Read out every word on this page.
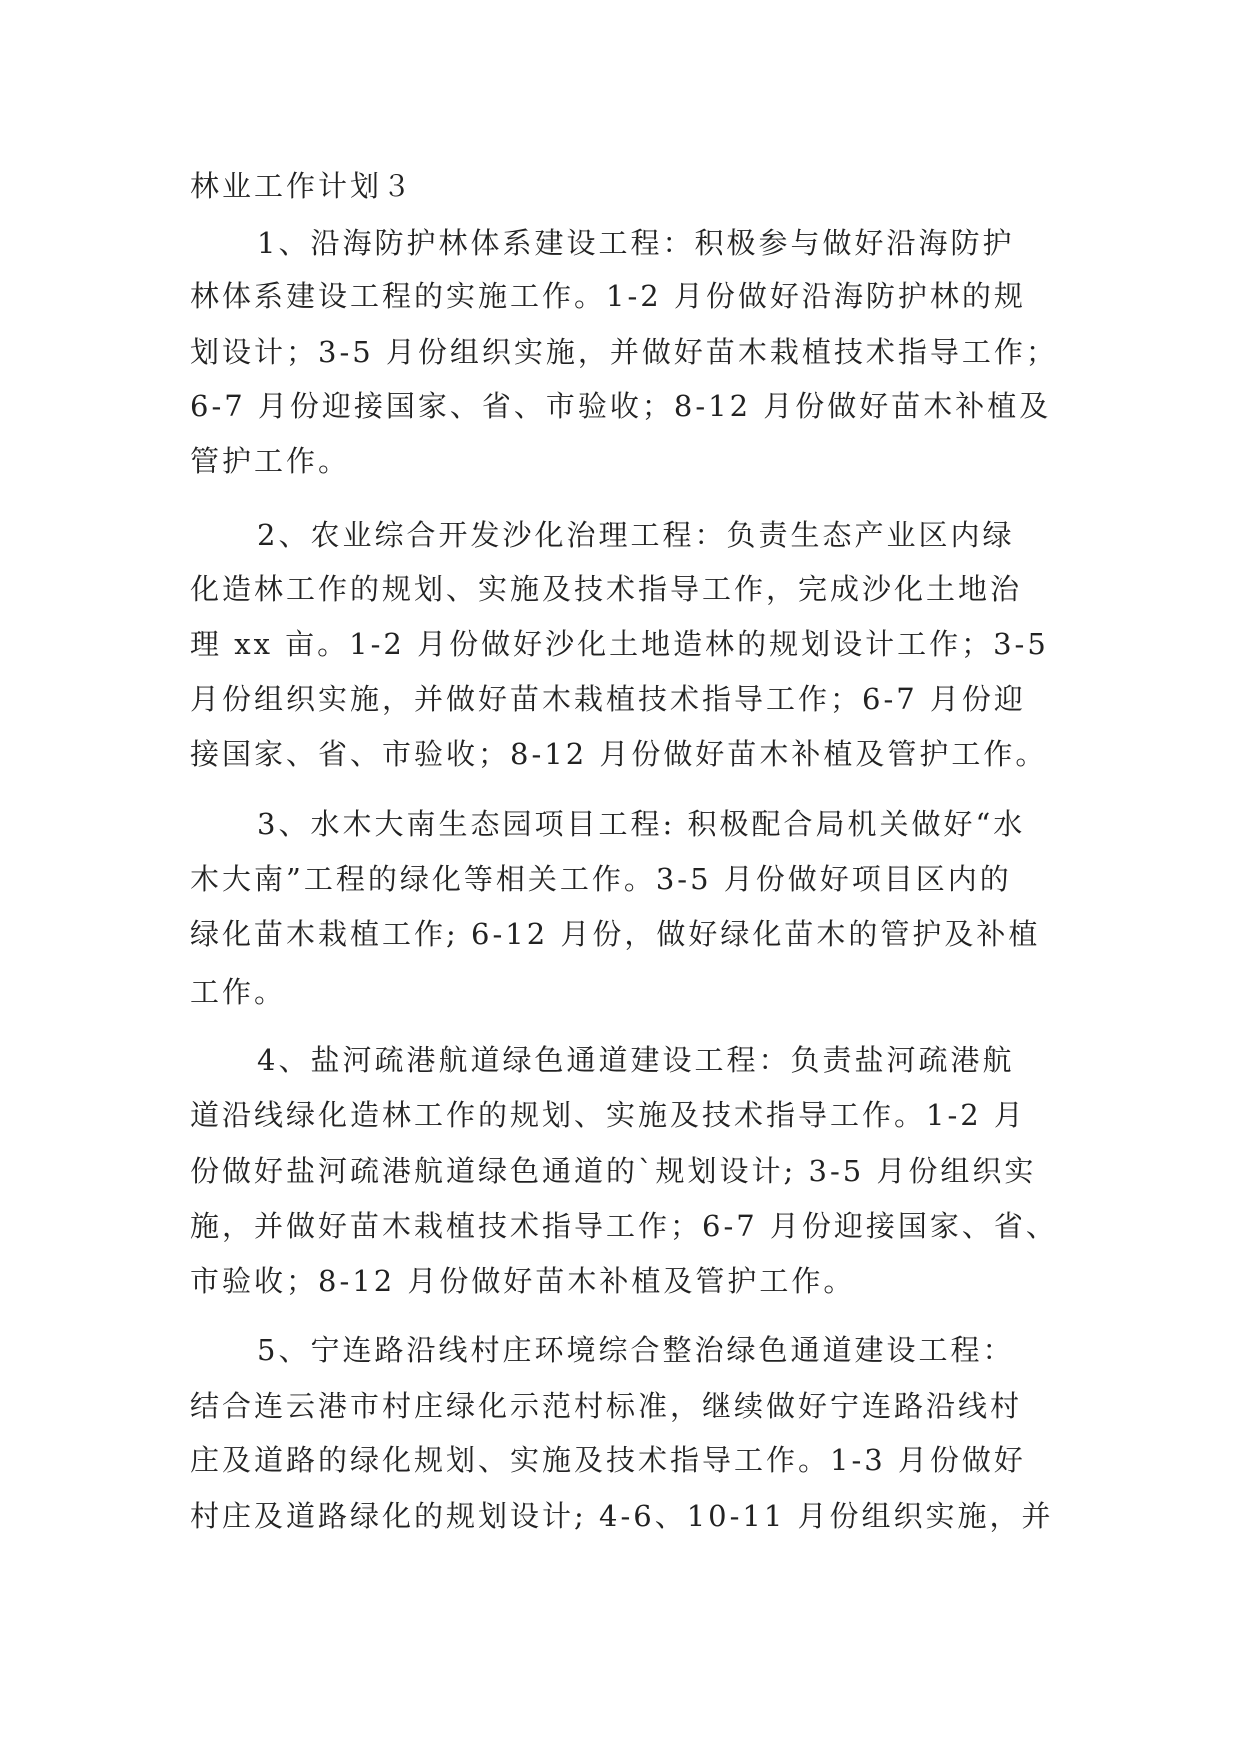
林业工作计划３
1、沿海防护林体系建设工程：积极参与做好沿海防护
林体系建设工程的实施工作。1-2 月份做好沿海防护林的规
划设计；3-5 月份组织实施，并做好苗木栽植技术指导工作；
6-7 月份迎接国家、省、市验收；8-12 月份做好苗木补植及
管护工作。
2、农业综合开发沙化治理工程：负责生态产业区内绿
化造林工作的规划、实施及技术指导工作，完成沙化土地治
理 xx 亩。1-2 月份做好沙化土地造林的规划设计工作；3-5
月份组织实施，并做好苗木栽植技术指导工作；6-7 月份迎
接国家、省、市验收；8-12 月份做好苗木补植及管护工作。
3、水木大南生态园项目工程: 积极配合局机关做好“水
木大南”工程的绿化等相关工作。3-5 月份做好项目区内的
绿化苗木栽植工作; 6-12 月份，做好绿化苗木的管护及补植
工作。
4、盐河疏港航道绿色通道建设工程：负责盐河疏港航
道沿线绿化造林工作的规划、实施及技术指导工作。1-2 月
份做好盐河疏港航道绿色通道的`规划设计; 3-5 月份组织实
施，并做好苗木栽植技术指导工作；6-7 月份迎接国家、省、
市验收；8-12 月份做好苗木补植及管护工作。
5、宁连路沿线村庄环境综合整治绿色通道建设工程：
结合连云港市村庄绿化示范村标准，继续做好宁连路沿线村
庄及道路的绿化规划、实施及技术指导工作。1-3 月份做好
村庄及道路绿化的规划设计; 4-6、10-11 月份组织实施，并
